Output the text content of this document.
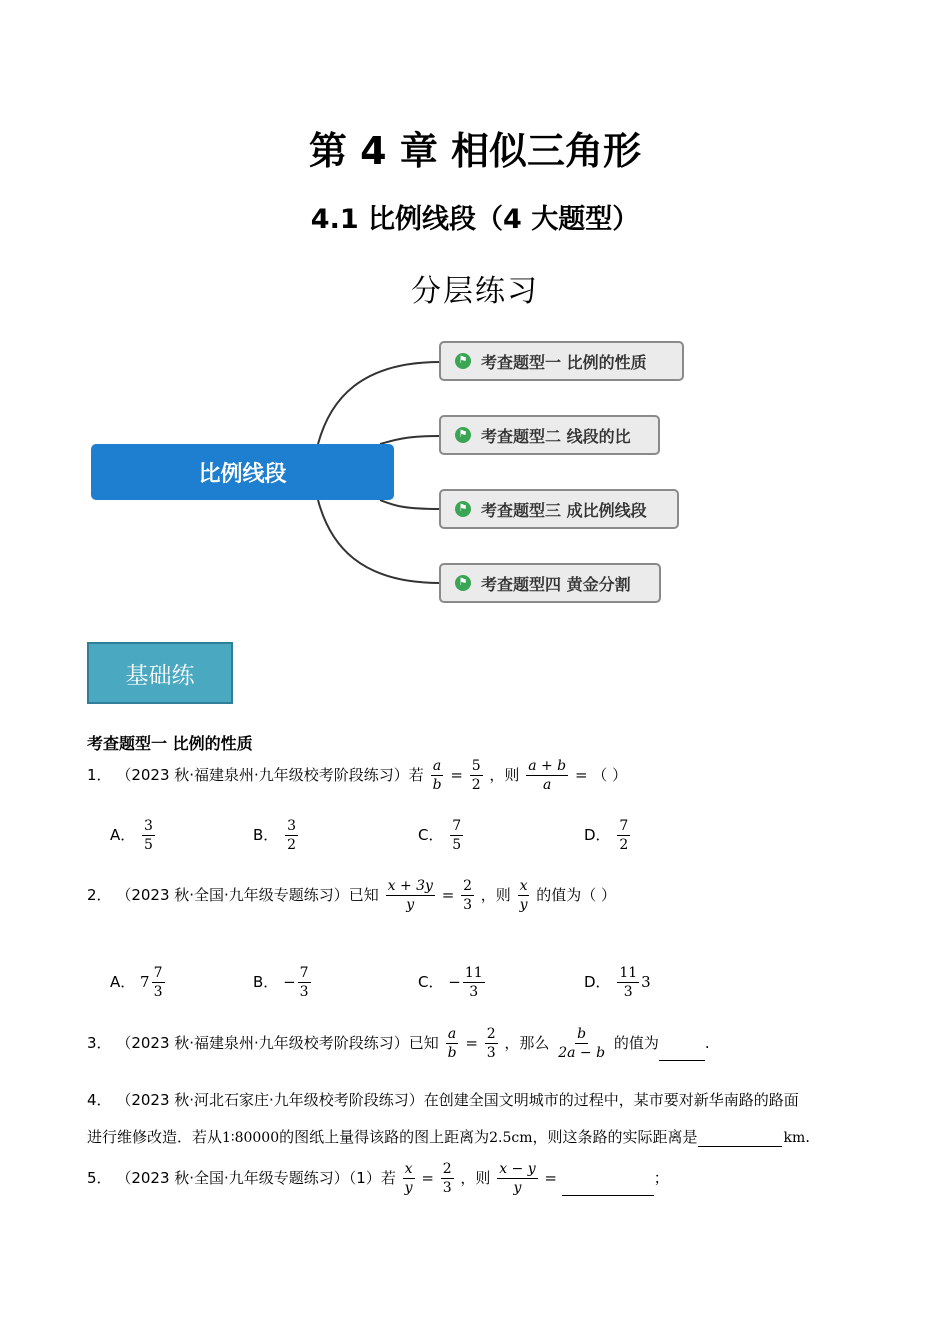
第 4 章 相似三角形
4.1 比例线段（4 大题型）
分层练习
比例线段
⚑ 考查题型一 比例的性质
⚑ 考查题型二 线段的比
⚑ 考查题型三 成比例线段
⚑ 考查题型四 黄金分割
基础练
考查题型一 比例的性质
1． （2023 秋·福建泉州·九年级校考阶段练习）若 $\frac{a}{b} = \frac{5}{2}$ ，则 $\frac{a + b}{a}$ = （ ）
A． $\frac{3}{5}$	B． $\frac{3}{2}$	C． $\frac{7}{5}$	D． $\frac{7}{2}$
2． （2023 秋·全国·九年级专题练习）已知 $\frac{x + 3y}{y} = \frac{2}{3}$ ，则 $\frac{x}{y}$ 的值为（ ）
A． $7 \frac{7}{3}$	B． − $\frac{7}{3}$	C． − $\frac{11}{3}$	D． $\frac{11}{3} 3$
3． （2023 秋·福建泉州·九年级校考阶段练习）已知 $\frac{a}{b} = \frac{2}{3}$ ，那么 $\frac{b}{2a - b}$ 的值为	.
4． （2023 秋·河北石家庄·九年级校考阶段练习）在创建全国文明城市的过程中，某市要对新华南路的路面
进行维修改造．若从1∶80000的图纸上量得该路的图上距离为2.5cm，则这条路的实际距离是	km.
5． （2023 秋·全国·九年级专题练习）（1）若 $\frac{x}{y} = \frac{2}{3}$ ，则 $\frac{x - y}{y}$ =	；
